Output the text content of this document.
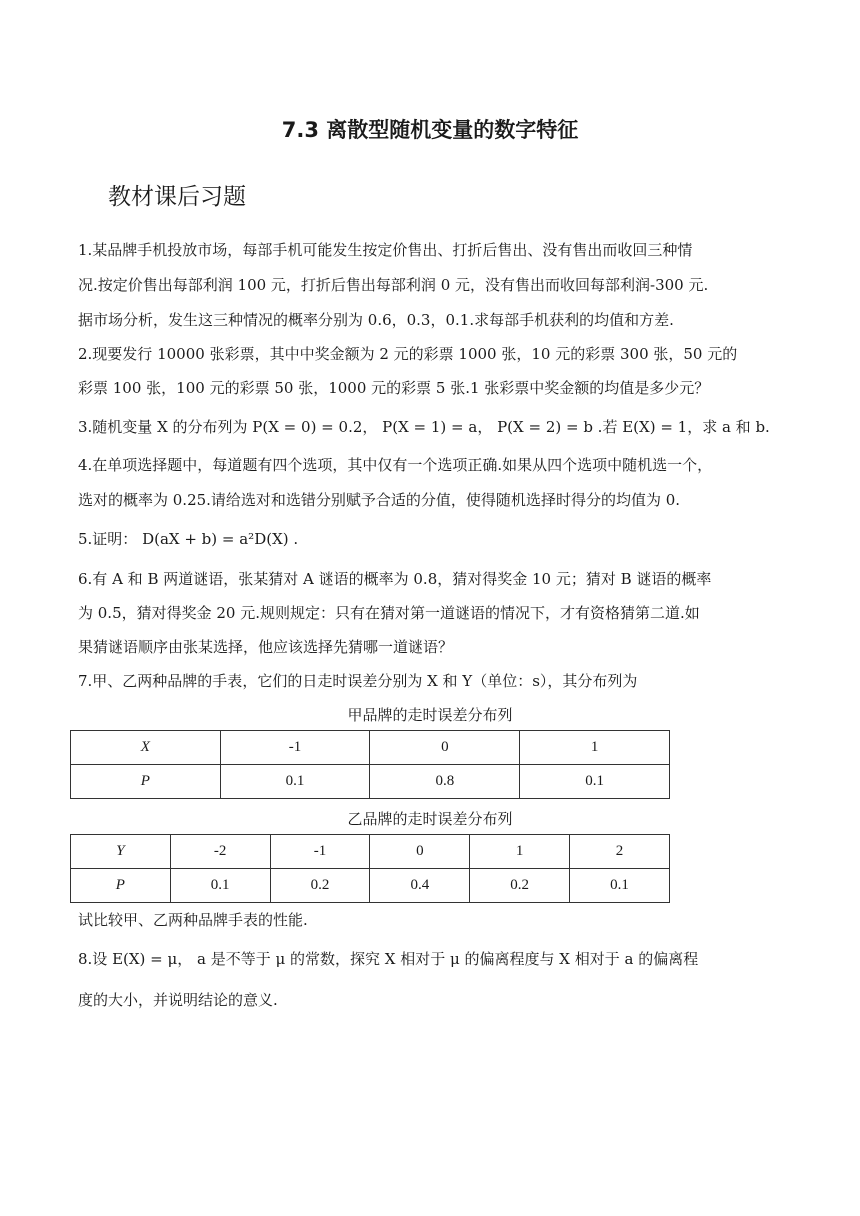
7.3 离散型随机变量的数字特征
教材课后习题
1.某品牌手机投放市场，每部手机可能发生按定价售出、打折后售出、没有售出而收回三种情
况.按定价售出每部利润 100 元，打折后售出每部利润 0 元，没有售出而收回每部利润-300 元.
据市场分析，发生这三种情况的概率分别为 0.6，0.3，0.1.求每部手机获利的均值和方差.
2.现要发行 10000 张彩票，其中中奖金额为 2 元的彩票 1000 张，10 元的彩票 300 张，50 元的
彩票 100 张，100 元的彩票 50 张，1000 元的彩票 5 张.1 张彩票中奖金额的均值是多少元？
3.随机变量 X 的分布列为 P(X = 0) = 0.2， P(X = 1) = a， P(X = 2) = b .若 E(X) = 1，求 a 和 b.
4.在单项选择题中，每道题有四个选项，其中仅有一个选项正确.如果从四个选项中随机选一个，
选对的概率为 0.25.请给选对和选错分别赋予合适的分值，使得随机选择时得分的均值为 0.
5.证明： D(aX + b) = a²D(X) .
6.有 A 和 B 两道谜语，张某猜对 A 谜语的概率为 0.8，猜对得奖金 10 元；猜对 B 谜语的概率
为 0.5，猜对得奖金 20 元.规则规定：只有在猜对第一道谜语的情况下，才有资格猜第二道.如
果猜谜语顺序由张某选择，他应该选择先猜哪一道谜语？
7.甲、乙两种品牌的手表，它们的日走时误差分别为 X 和 Y（单位：s），其分布列为
甲品牌的走时误差分布列
X	-1	0	1
P	0.1	0.8	0.1
乙品牌的走时误差分布列
Y	-2	-1	0	1	2
P	0.1	0.2	0.4	0.2	0.1
试比较甲、乙两种品牌手表的性能.
8.设 E(X) = μ， a 是不等于 μ 的常数，探究 X 相对于 μ 的偏离程度与 X 相对于 a 的偏离程
度的大小，并说明结论的意义.
